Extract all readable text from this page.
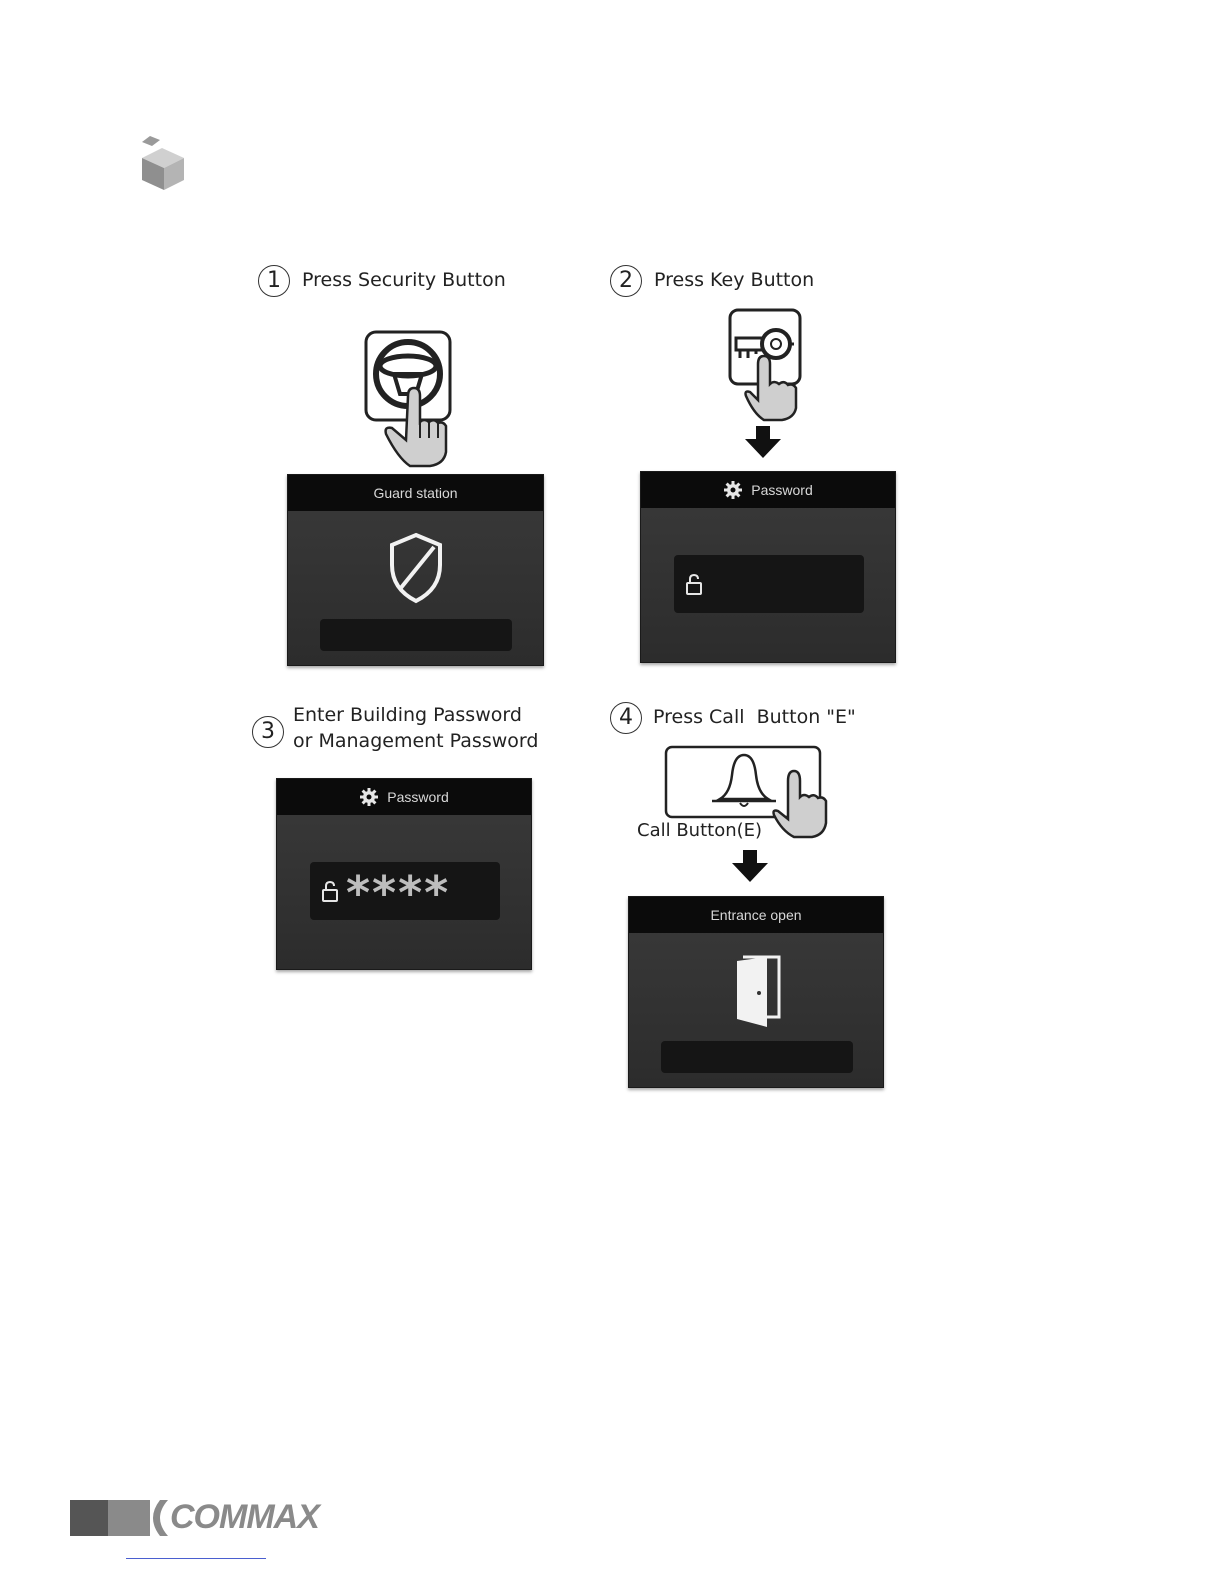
1	Press Security Button
Guard station
2	Press Key Button
Password
3
Enter Building Password
or Management Password
Password
****
4	Press Call  Button "E"
Call Button(E)
Entrance open
COMMAX
